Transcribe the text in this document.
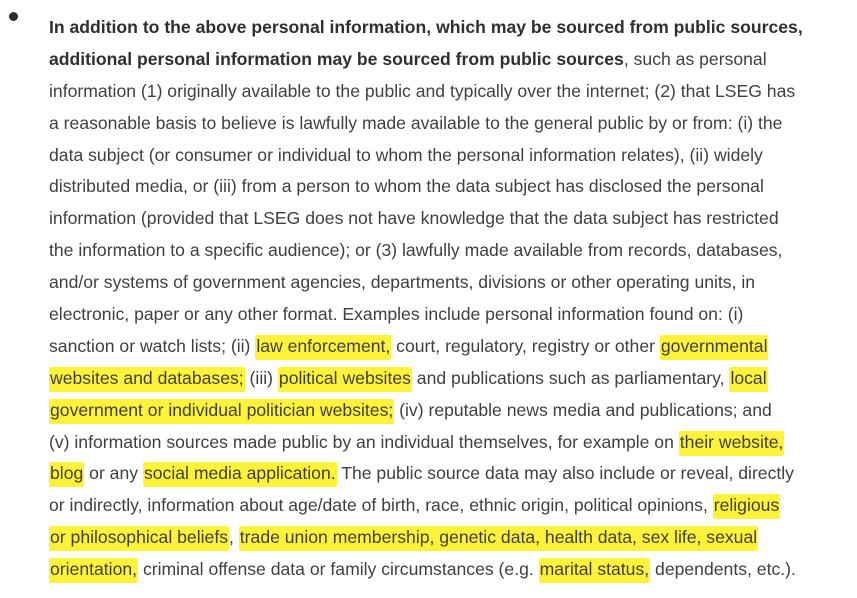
In addition to the above personal information, which may be sourced from public sources,
additional personal information may be sourced from public sources, such as personal
information (1) originally available to the public and typically over the internet; (2) that LSEG has
a reasonable basis to believe is lawfully made available to the general public by or from: (i) the
data subject (or consumer or individual to whom the personal information relates), (ii) widely
distributed media, or (iii) from a person to whom the data subject has disclosed the personal
information (provided that LSEG does not have knowledge that the data subject has restricted
the information to a specific audience); or (3) lawfully made available from records, databases,
and/or systems of government agencies, departments, divisions or other operating units, in
electronic, paper or any other format. Examples include personal information found on: (i)
sanction or watch lists; (ii) law enforcement, court, regulatory, registry or other governmental
websites and databases; (iii) political websites and publications such as parliamentary, local
government or individual politician websites; (iv) reputable news media and publications; and
(v) information sources made public by an individual themselves, for example on their website,
blog or any social media application. The public source data may also include or reveal, directly
or indirectly, information about age/date of birth, race, ethnic origin, political opinions, religious
or philosophical beliefs, trade union membership, genetic data, health data, sex life, sexual
orientation, criminal offense data or family circumstances (e.g. marital status, dependents, etc.).
